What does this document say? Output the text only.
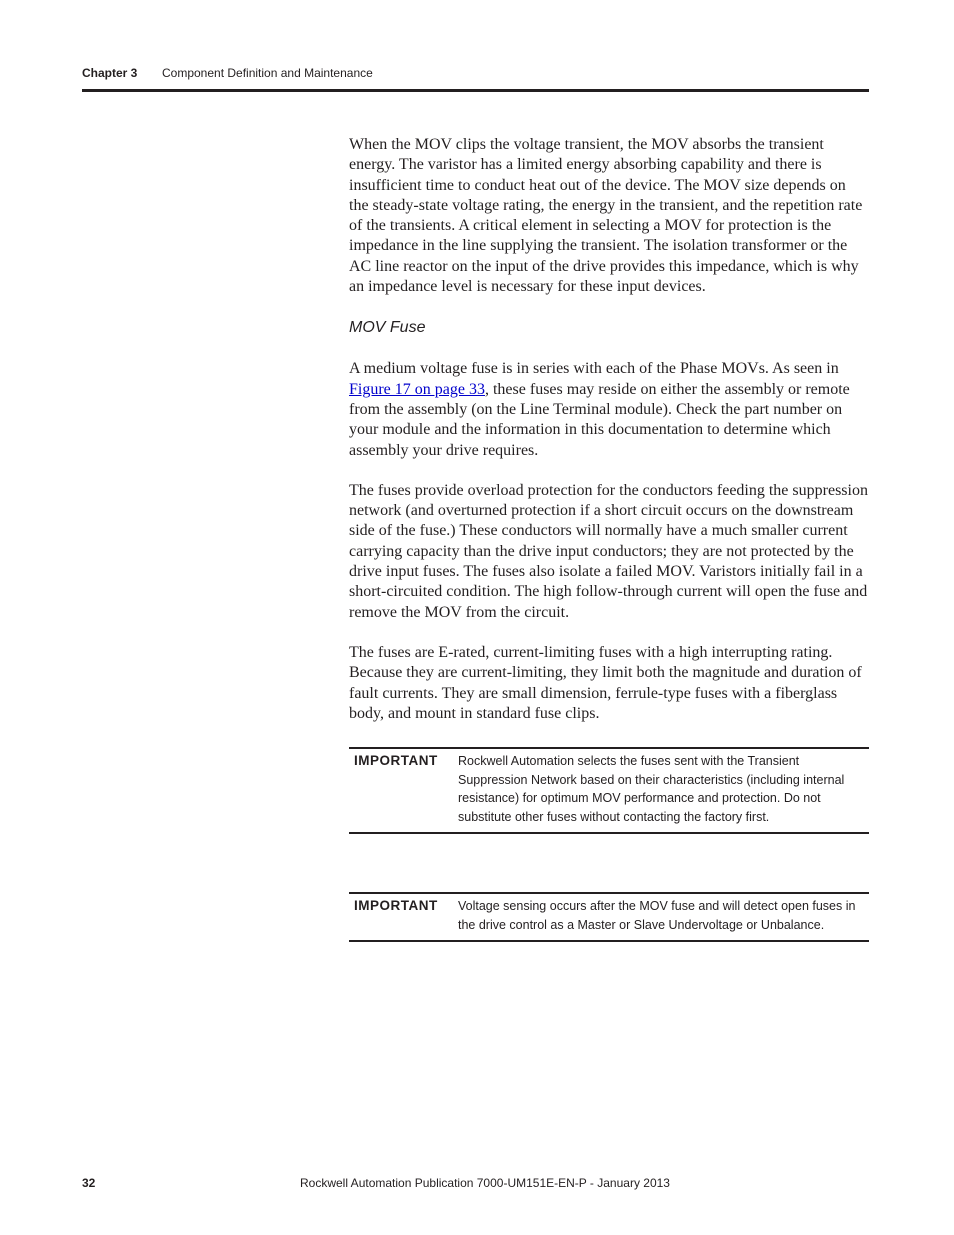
Chapter 3 Component Definition and Maintenance

When the MOV clips the voltage transient, the MOV absorbs the transient energy. The varistor has a limited energy absorbing capability and there is insufficient time to conduct heat out of the device. The MOV size depends on the steady-state voltage rating, the energy in the transient, and the repetition rate of the transients. A critical element in selecting a MOV for protection is the impedance in the line supplying the transient. The isolation transformer or the AC line reactor on the input of the drive provides this impedance, which is why an impedance level is necessary for these input devices.

MOV Fuse

A medium voltage fuse is in series with each of the Phase MOVs. As seen in Figure 17 on page 33, these fuses may reside on either the assembly or remote from the assembly (on the Line Terminal module). Check the part number on your module and the information in this documentation to determine which assembly your drive requires.

The fuses provide overload protection for the conductors feeding the suppression network (and overturned protection if a short circuit occurs on the downstream side of the fuse.) These conductors will normally have a much smaller current carrying capacity than the drive input conductors; they are not protected by the drive input fuses. The fuses also isolate a failed MOV. Varistors initially fail in a short-circuited condition. The high follow-through current will open the fuse and remove the MOV from the circuit.

The fuses are E-rated, current-limiting fuses with a high interrupting rating. Because they are current-limiting, they limit both the magnitude and duration of fault currents. They are small dimension, ferrule-type fuses with a fiberglass body, and mount in standard fuse clips.

IMPORTANT	Rockwell Automation selects the fuses sent with the Transient Suppression Network based on their characteristics (including internal resistance) for optimum MOV performance and protection. Do not substitute other fuses without contacting the factory first.
IMPORTANT	Voltage sensing occurs after the MOV fuse and will detect open fuses in the drive control as a Master or Slave Undervoltage or Unbalance.
32	Rockwell Automation Publication 7000-UM151E-EN-P - January 2013
